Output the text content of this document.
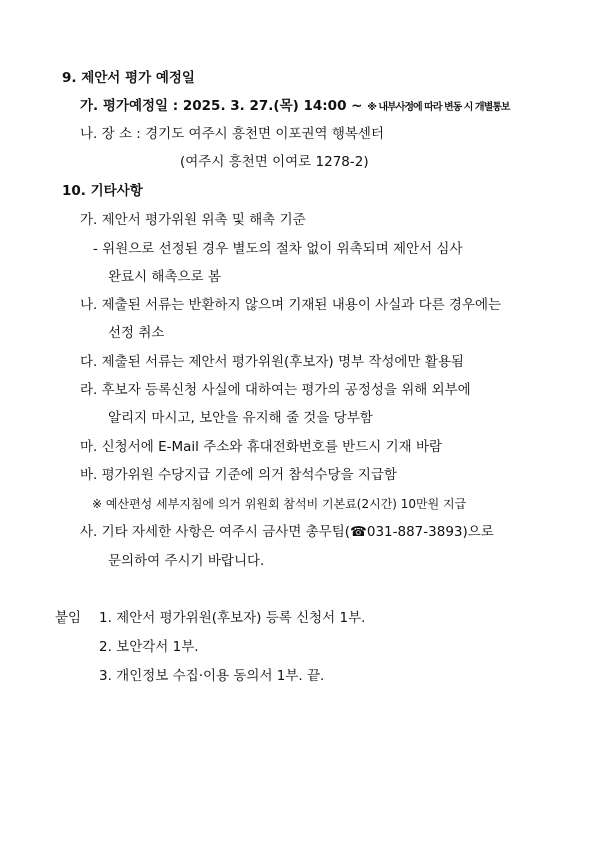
9. 제안서 평가 예정일
가. 평가예정일 : 2025. 3. 27.(목) 14:00 ~ ※ 내부사정에 따라 변동 시 개별통보
나. 장 소 : 경기도 여주시 흥천면 이포권역 행복센터
(여주시 흥천면 이여로 1278-2)
10. 기타사항
가. 제안서 평가위원 위촉 및 해촉 기준
- 위원으로 선정된 경우 별도의 절차 없이 위촉되며 제안서 심사
완료시 해촉으로 봄
나. 제출된 서류는 반환하지 않으며 기재된 내용이 사실과 다른 경우에는
선정 취소
다. 제출된 서류는 제안서 평가위원(후보자) 명부 작성에만 활용됨
라. 후보자 등록신청 사실에 대하여는 평가의 공정성을 위해 외부에
알리지 마시고, 보안을 유지해 줄 것을 당부함
마. 신청서에 E-Mail 주소와 휴대전화번호를 반드시 기재 바람
바. 평가위원 수당지급 기준에 의거 참석수당을 지급함
※ 예산편성 세부지침에 의거 위원회 참석비 기본료(2시간) 10만원 지급
사. 기타 자세한 사항은 여주시 금사면 총무팀(☎031-887-3893)으로
문의하여 주시기 바랍니다.
붙임 1. 제안서 평가위원(후보자) 등록 신청서 1부.
2. 보안각서 1부.
3. 개인정보 수집·이용 동의서 1부. 끝.
